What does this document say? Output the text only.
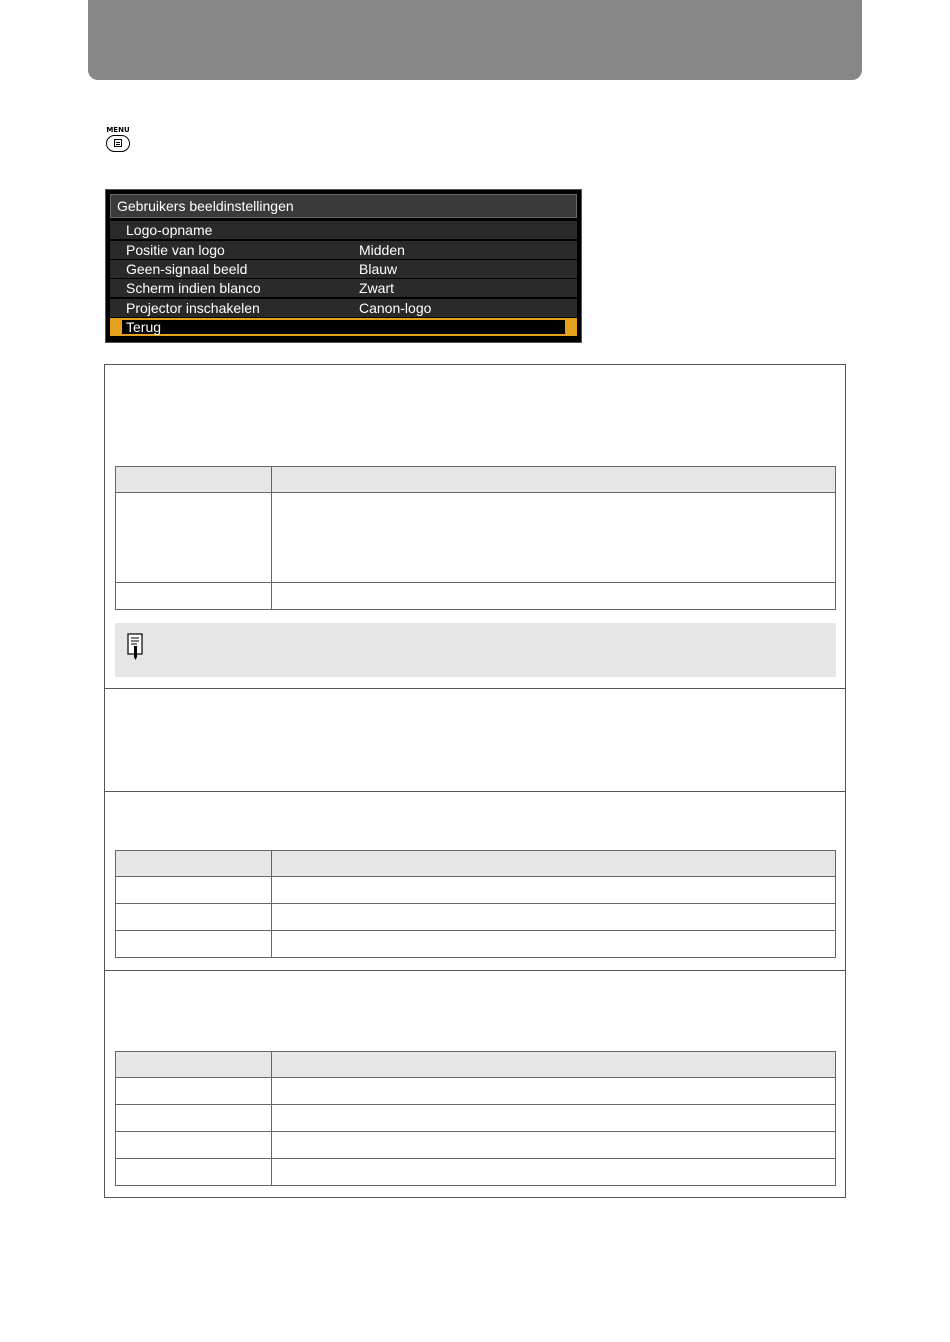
MENU
Gebruikers beeldinstellingen
Logo-opname
Positie van logo	Midden
Geen-signaal beeld	Blauw
Scherm indien blanco	Zwart
Projector inschakelen	Canon-logo
Terug
